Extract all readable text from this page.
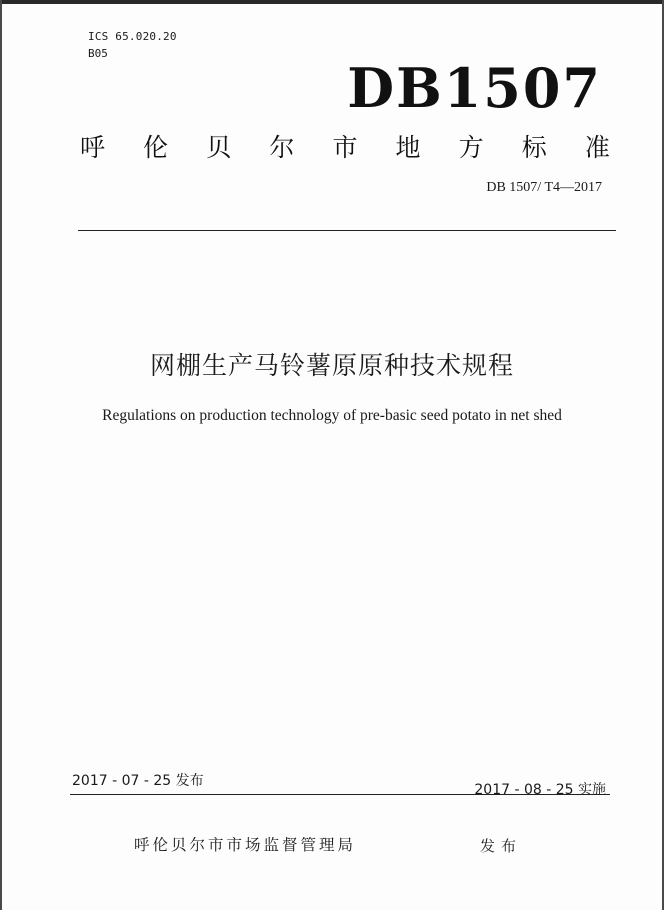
ICS 65.020.20
B05
DB1507
呼 伦 贝 尔 市 地 方 标 准
DB 1507/ T4—2017
网棚生产马铃薯原原种技术规程
Regulations on production technology of pre-basic seed potato in net shed
2017 - 07 - 25 发布
2017 - 08 - 25 实施
呼伦贝尔市市场监督管理局	发布
